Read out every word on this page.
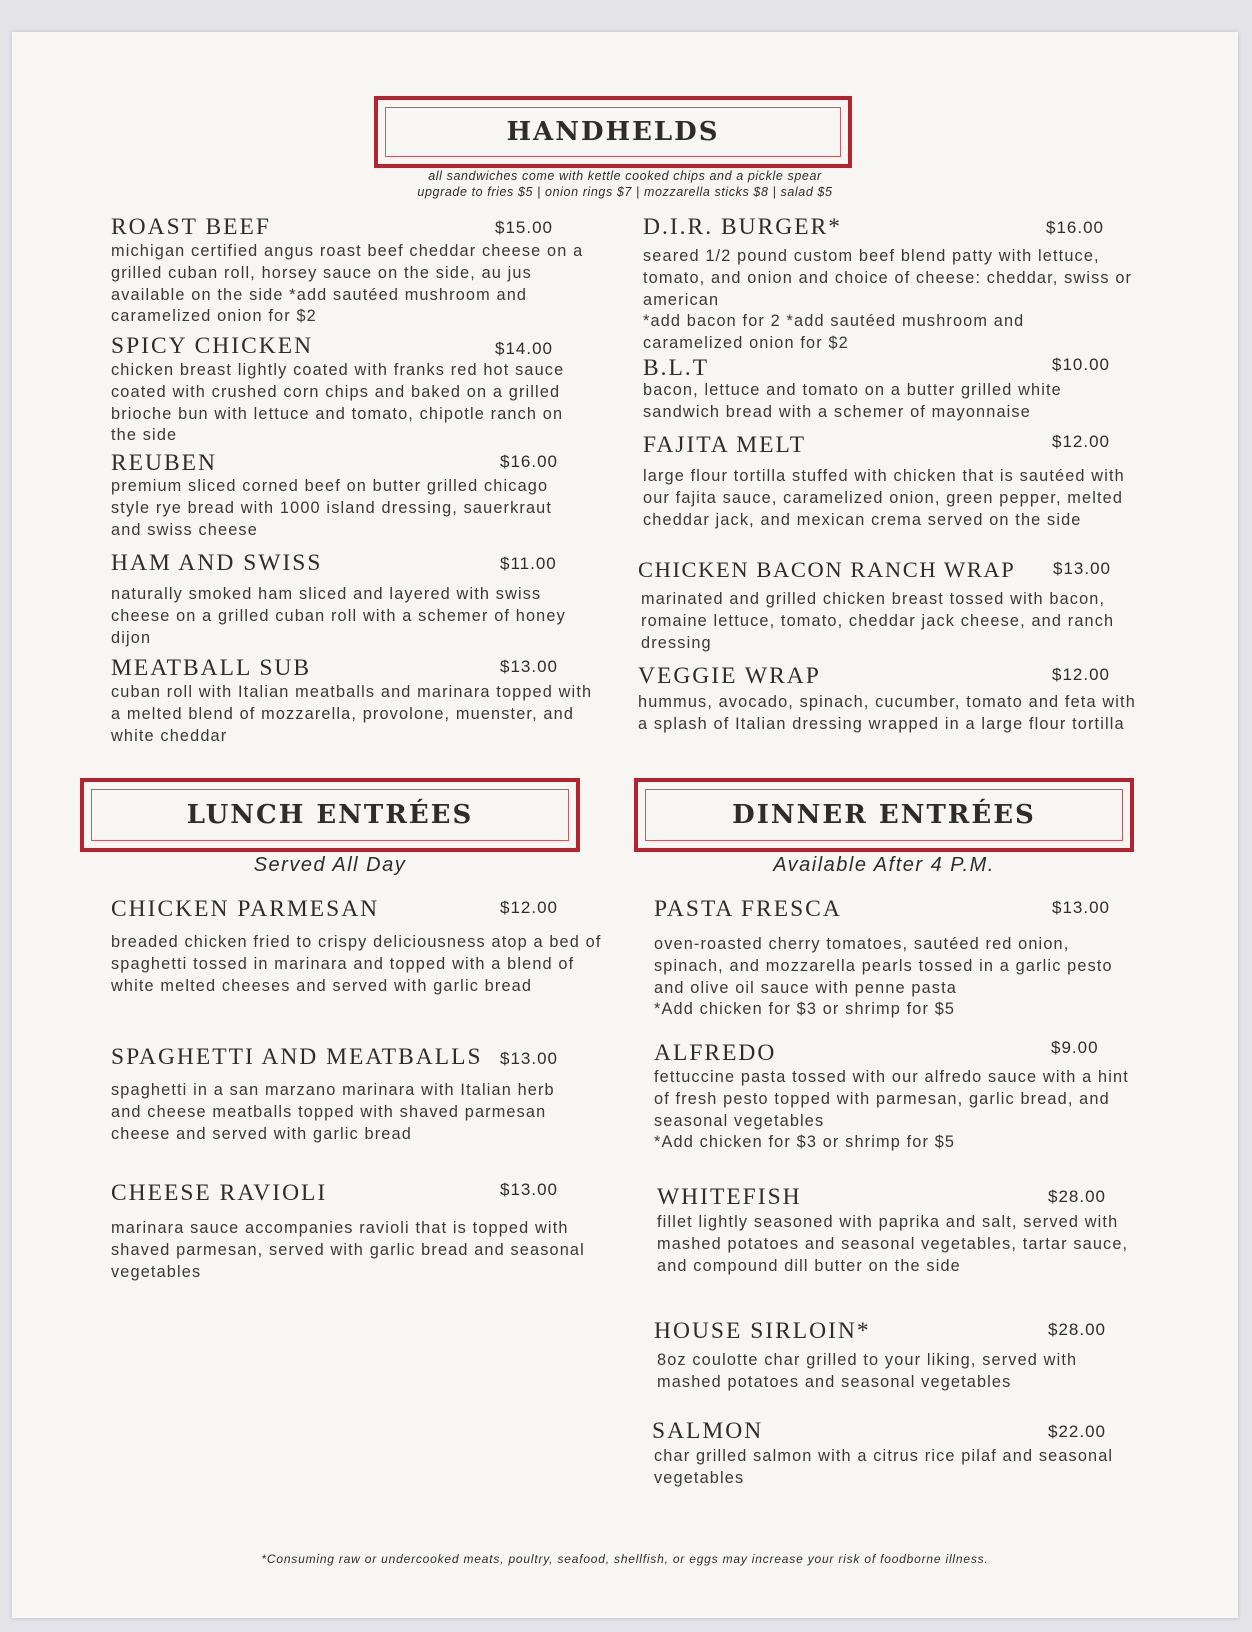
HANDHELDS
all sandwiches come with kettle cooked chips and a pickle spear
upgrade to fries $5 | onion rings $7 | mozzarella sticks $8 | salad $5
ROAST BEEF	$15.00

michigan certified angus roast beef cheddar cheese on a grilled cuban roll, horsey sauce on the side, au jus available on the side *add sautéed mushroom and caramelized onion for $2

SPICY CHICKEN	$14.00

chicken breast lightly coated with franks red hot sauce coated with crushed corn chips and baked on a grilled brioche bun with lettuce and tomato, chipotle ranch on the side

REUBEN	$16.00

premium sliced corned beef on butter grilled chicago style rye bread with 1000 island dressing, sauerkraut and swiss cheese

HAM AND SWISS	$11.00

naturally smoked ham sliced and layered with swiss cheese on a grilled cuban roll with a schemer of honey dijon

MEATBALL SUB	$13.00

cuban roll with Italian meatballs and marinara topped with a melted blend of mozzarella, provolone, muenster, and white cheddar

D.I.R. BURGER*	$16.00

seared 1/2 pound custom beef blend patty with lettuce, tomato, and onion and choice of cheese: cheddar, swiss or american

*add bacon for 2 *add sautéed mushroom and caramelized onion for $2

B.L.T	$10.00

bacon, lettuce and tomato on a butter grilled white sandwich bread with a schemer of mayonnaise

FAJITA MELT	$12.00

large flour tortilla stuffed with chicken that is sautéed with our fajita sauce, caramelized onion, green pepper, melted cheddar jack, and mexican crema served on the side

CHICKEN BACON RANCH WRAP $13.00

marinated and grilled chicken breast tossed with bacon, romaine lettuce, tomato, cheddar jack cheese, and ranch dressing

VEGGIE WRAP	$12.00

hummus, avocado, spinach, cucumber, tomato and feta with a splash of Italian dressing wrapped in a large flour tortilla

LUNCH ENTRÉES
Served All Day
CHICKEN PARMESAN	$12.00

breaded chicken fried to crispy deliciousness atop a bed of spaghetti tossed in marinara and topped with a blend of white melted cheeses and served with garlic bread

SPAGHETTI AND MEATBALLS $13.00

spaghetti in a san marzano marinara with Italian herb and cheese meatballs topped with shaved parmesan cheese and served with garlic bread

CHEESE RAVIOLI	$13.00

marinara sauce accompanies ravioli that is topped with shaved parmesan, served with garlic bread and seasonal vegetables

DINNER ENTRÉES
Available After 4 P.M.
PASTA FRESCA	$13.00

oven-roasted cherry tomatoes, sautéed red onion, spinach, and mozzarella pearls tossed in a garlic pesto and olive oil sauce with penne pasta

*Add chicken for $3 or shrimp for $5

ALFREDO	$9.00

fettuccine pasta tossed with our alfredo sauce with a hint of fresh pesto topped with parmesan, garlic bread, and seasonal vegetables

*Add chicken for $3 or shrimp for $5

WHITEFISH	$28.00

fillet lightly seasoned with paprika and salt, served with mashed potatoes and seasonal vegetables, tartar sauce, and compound dill butter on the side

HOUSE SIRLOIN*	$28.00

8oz coulotte char grilled to your liking, served with mashed potatoes and seasonal vegetables

SALMON	$22.00

char grilled salmon with a citrus rice pilaf and seasonal vegetables

*Consuming raw or undercooked meats, poultry, seafood, shellfish, or eggs may increase your risk of foodborne illness.
